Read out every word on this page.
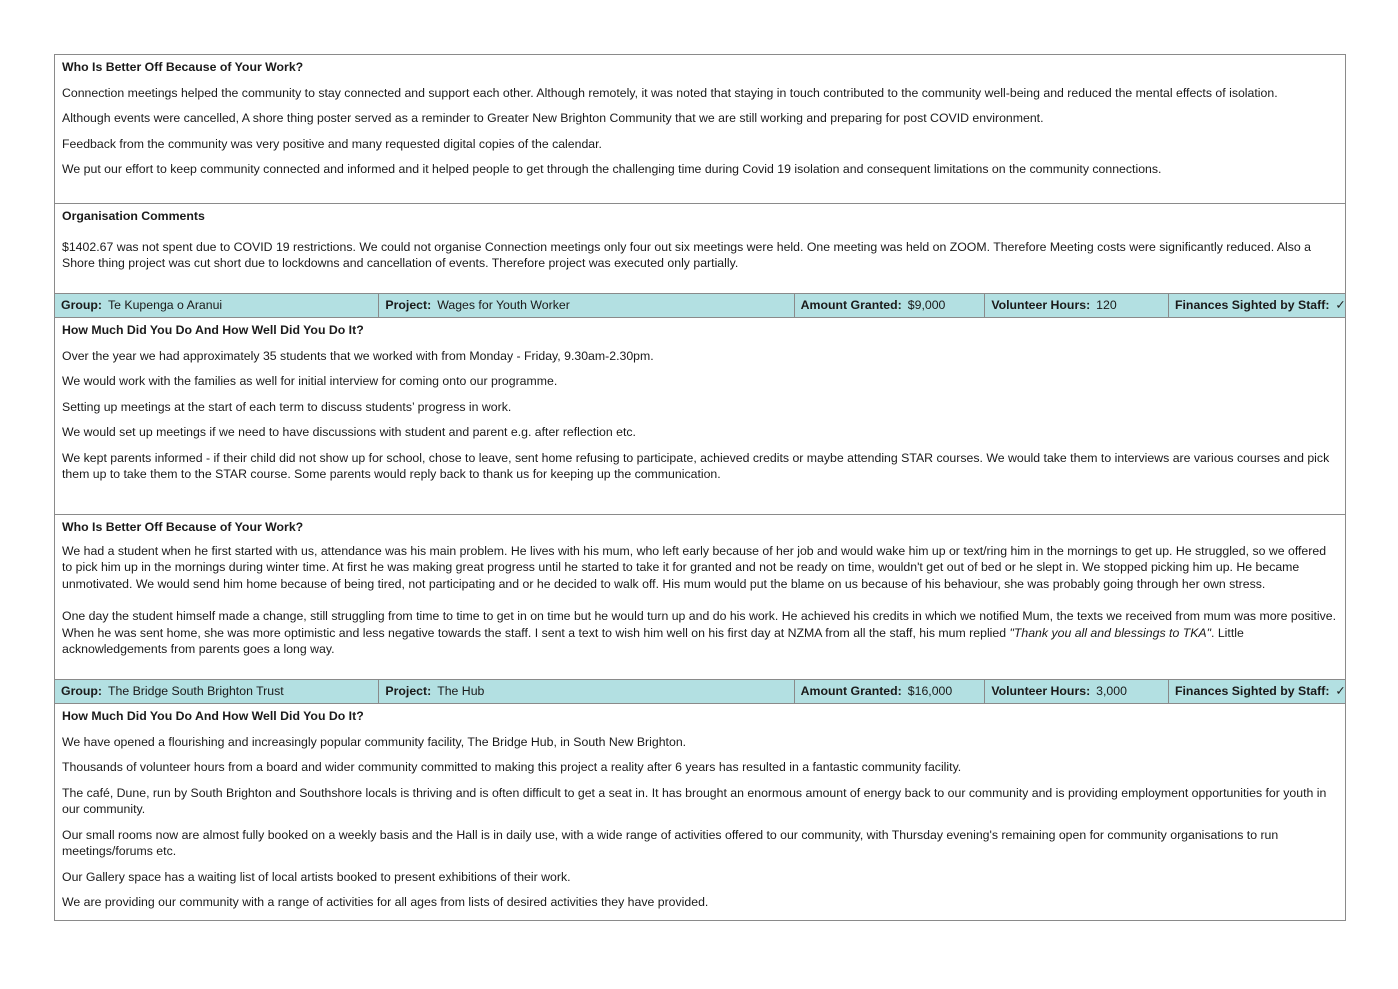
Who Is Better Off Because of Your Work?

Connection meetings helped the community to stay connected and support each other. Although remotely, it was noted that staying in touch contributed to the community well-being and reduced the mental effects of isolation.

Although events were cancelled, A shore thing poster served as a reminder to Greater New Brighton Community that we are still working and preparing for post COVID environment.

Feedback from the community was very positive and many requested digital copies of the calendar.

We put our effort to keep community connected and informed and it helped people to get through the challenging time during Covid 19 isolation and consequent limitations on the community connections.

Organisation Comments

$1402.67 was not spent due to COVID 19 restrictions. We could not organise Connection meetings only four out six meetings were held. One meeting was held on ZOOM. Therefore Meeting costs were significantly reduced. Also a Shore thing project was cut short due to lockdowns and cancellation of events. Therefore project was executed only partially.

Group: Te Kupenga o Aranui	Project: Wages for Youth Worker	Amount Granted: $9,000	Volunteer Hours: 120	Finances Sighted by Staff: ✓
How Much Did You Do And How Well Did You Do It?

Over the year we had approximately 35 students that we worked with from Monday - Friday, 9.30am-2.30pm.

We would work with the families as well for initial interview for coming onto our programme.

Setting up meetings at the start of each term to discuss students’ progress in work.

We would set up meetings if we need to have discussions with student and parent e.g. after reflection etc.

We kept parents informed - if their child did not show up for school, chose to leave, sent home refusing to participate, achieved credits or maybe attending STAR courses. We would take them to interviews are various courses and pick them up to take them to the STAR course. Some parents would reply back to thank us for keeping up the communication.

Who Is Better Off Because of Your Work?

We had a student when he first started with us, attendance was his main problem. He lives with his mum, who left early because of her job and would wake him up or text/ring him in the mornings to get up. He struggled, so we offered to pick him up in the mornings during winter time. At first he was making great progress until he started to take it for granted and not be ready on time, wouldn't get out of bed or he slept in. We stopped picking him up. He became unmotivated. We would send him home because of being tired, not participating and or he decided to walk off. His mum would put the blame on us because of his behaviour, she was probably going through her own stress.

One day the student himself made a change, still struggling from time to time to get in on time but he would turn up and do his work. He achieved his credits in which we notified Mum, the texts we received from mum was more positive. When he was sent home, she was more optimistic and less negative towards the staff. I sent a text to wish him well on his first day at NZMA from all the staff, his mum replied "Thank you all and blessings to TKA". Little acknowledgements from parents goes a long way.

Group: The Bridge South Brighton Trust	Project: The Hub	Amount Granted: $16,000	Volunteer Hours: 3,000	Finances Sighted by Staff: ✓
How Much Did You Do And How Well Did You Do It?

We have opened a flourishing and increasingly popular community facility, The Bridge Hub, in South New Brighton.

Thousands of volunteer hours from a board and wider community committed to making this project a reality after 6 years has resulted in a fantastic community facility.

The café, Dune, run by South Brighton and Southshore locals is thriving and is often difficult to get a seat in. It has brought an enormous amount of energy back to our community and is providing employment opportunities for youth in our community.

Our small rooms now are almost fully booked on a weekly basis and the Hall is in daily use, with a wide range of activities offered to our community, with Thursday evening's remaining open for community organisations to run meetings/forums etc.

Our Gallery space has a waiting list of local artists booked to present exhibitions of their work.

We are providing our community with a range of activities for all ages from lists of desired activities they have provided.
